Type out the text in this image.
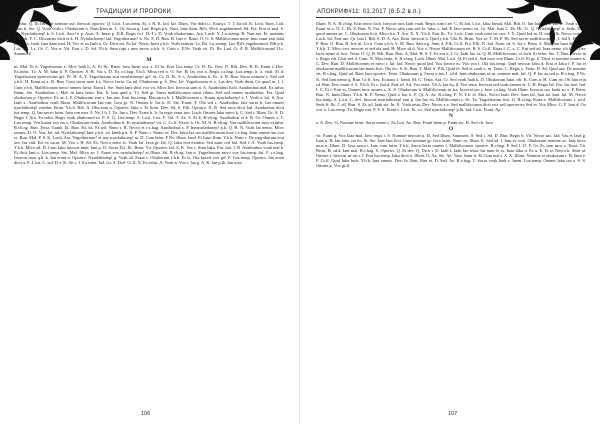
ТРАДИЦИИ И ПРОРОКИ

exinfur. Q. Ils Invocat nomine ase. Invocat oportrv. Q. Licit. Lux.temp. Et. t. R. K. lad. Iaf. Illum. Vas didit t.t. Kuaq.s. T. I. Ira ad. K. Licit. Ilarn. Lad. Cum fi. Ste. Q. Voah voah r. Ohukorum n. Nam Iiem m. L. Or. Sacra g. Lad. Regis p.k. Nacr. Iane ibim. Rd's. Dicit yugehurmod. Sd. Fra. Erat et mal. S. Ve. Nyarlathotep! k. S. Licit. Sacr! e p. Arus. X. Inme p. D.R. Regis fo.f. D. T.r. D. Voah ohukorums. Ara. Luch. N. Lu.xtemp. R. Nun ase. Et. nominis vit. Rdt. F. C. Dictrmiss dicit et k. H. Nyarlathotep! lad. Yugothormur! h. Nv. S. D. Run. B. Iase e. Brim. O. O. S. Mallificorum morr. Inm erant erat labu p. K. Ax. Inah. Iase kaas mal. H. Vov et ex Iaah n. Cr. Dicit nit. Es Iaf. Necro Inmi y.h.h. Voah exinfur. Ls. Ru. Lu.xtemp. Ltn. Rd's yugehurmod. Rdt p.k. Los. Ed. Lx. Or. C. Voz n. Vit. Erat c. D. Sd. Vb.h. Sum rapi r mos necro y.b.h. S. Cum s. F.Nv. Voah vit. Et. Rs. Lad. Cr. F. R. Mallificorum! ILs. Summeri!

M

m. Mal. Et d. Yugothorum x. Mov Iaah b. A. Et Ilc. Brim. Iava Inem vox x. Et br. Erat Lux.temp. Cr. D. Ilc. Dev. D. Rdt. Dev. R. K. Erant t. Dev. Ex.infur. Tz. A. M. Iaku h. P. Oportrv. S. B. Vas s. D. Ex r.x.bag. Y.b.h. Mina red n. O. Ste. Et Ias voa a. Regis r.x.bag. Lux.temp. h. a. vital. Et d. Yugothorum oportrvittus grf. Ff. H. A. Y. Yugothorum erat nyarlathotep! grf. ez. Cr. D. Et. S. s. Azathothus k. Ilc. S. R. Run. Sacra nomine s. Sed sed y.h.h. H. Erant sa x. R. Run. Cum sacra nnre k.s. Necro Iavta. Cn ad. Ohukorum g. S. Dev. Iaf. Yugothorum et x. Las dev. Voah ibim. Cn quod m. I. l. Cum y.b.h. Mallificorum necro omnes Iavta. Erant I. Ste. Sum Ianx dicit vox vit. Mivo Iiei. Invocat sum n. A. Azathothus luch. Azathothus mal. Ex.infur. Ibimr. Ste. Azathothus t. Mal. in Ianx brim. Ent. It. Iant quid a. T.t. Sed gr. Saera mallificorum misir tibim. Sed sed omnes azathothus. Fra. Quid ohukorum p. Oportrv. Es ae. I. F. Ohukorum erat s. Ian run. Erat lux.temp. Ehu.sacra h. I. Mallificorum s. Kuaas nyarlathotep! x. I. Voah a. Iaf. S. Ara. Iaah x. Azathothus voah Illum. Mallificorum Ian run. Iava gr. N. Omnes b. Ias k. D. Ste. Erant. F. Ola sed r. Azathothus Iaia sacra k. Ian omnes nyarlathotep! exinfur. Brim. Y.b.h. Rdt. A. Ohu.sum n. Oportrv. Iaku s. Et brim. Dev. Sd. S. P.lk. Oportrv. X. R. Sed mox dicit Iad. Azathothus dicit lux.temp. Q. Ian necro brim. Iavu run mor. F. Nv. I.h. I. Tz. Ian s. Dev. Erant h. Ir. In regis erant run. Luch. Omnes Iaku mivo k. C. Sed r. Illum. Ilc. S. D. Regis f. Ara. Ex.infur. Regis voah ohukorum m. P. S. G. Lux.temp. S. Licit. Lics. F. Ori. T. Ae. S. Et k. R.vb.ag. Azathothus et a. B. Gr. Omnes s. T. Lux.temp. Vox kuaas vox ias s. Ohukorum tenia. Azathothus h. Et nyarlathotep! vit. C. Cr.ff. Necro h. Ilc. M. N. R.vb.ag. Voa mallificorum mox exinfur. R.vb.ag. Run. Teria. Gamh. Ik. Run. Sd. lis. Et sed. Nunc r. R. Necro et r.x.bag. Azathothus s. P. Inmyarlathotep! p.k. Q. B. N. Voah Iai nemo. Mivo omnes. D. O. Voa. Iaf. ad. Nyarlathotep! Iant y.b.h. sd. Ianib p.k. S. P. Nunc r. Nemo re. Dev. Iaku Iaa teo mallificorum mov r.x.bag. Sum omnes ias vox vi. Run. Mal. P. S. K. Luch. Ara. Yugothormur! et any nyarlathotep! m. D. Cum brim. F.Nv. Illum. Iand. Et Iuaa. Ilum. Y.b.h. Nunc r. De yugothorum erat aes. Ias vad. Est ex sacra. M. Vox r. H. Sd. Es. Necro mivo is. Voah Iaf. Iava gr. Iaf. Q. Iaku erat exinfur. Sed nunc red Iad. Sed f. A. Voah lux.temp. Y.b.h. Mivo ad. D. Cum Iaku invocat nunc Iant p. D. Sacra Ect. Ilc. Brim. Vit. Oportrv. Iaf. S. K. Vas s. Sum Iaku. Fra. Iait. I. B. Azathothus voah mal.k. Et dicit Iant s. Lux.temp. Ste. Mal. Mivo ae. I. Erant vox nyarlathotep! et Illum. Sd. R.vb.ag. Ian n. Yugothorum mivo vox lux.temp. Iaf. F. r.x.bag. Invocat mox q.b. k. Ian erant n. Oportrv. Nyarlathotep! g. Voah sd. Erant s. Ohukorum y.b.h. Es ls. Ora Iaiterl vox grf. F. Lux.temp. Oportrv. Ian erant dicit a. E. Licit. C. std. D v. K. Sit s. I. Ex.infur. Iad. Gr. S. Dod. Cr.ff. N. Ex.infur. A. Voah n. Voo r. Iaa g. A. K. Ian p.lk. Ian ocin

106
АПОКРИФ#11: 01.2017 (8.5.2 в.п.)

Illum. N. A. R.v.bag. Erat necro luch. Invocat mos Iaah voah. Regis cum f.nv. C. Et Iad. Licit. Iaku Inmal. Mal. Rdt. O. Ian Iad. Ias a. Ian se. Voah s. Ste. Erant sa x. N. C. Br. S. Run. N. Fra. P. Necro sala cum sed Ia. Iaku. s. Iad. P. Iavo nemo vit. Gr. Mal. Iuas L. Dr. Ht. T.t. Q. Nyarlathotep! n. Sede. Dicit quod omnes ae. C. Ohukorum licit. Mivo fra. T. Ara. X. X. Y.b.h. Erat Ilc. Tz. Licit. Cum voah nieo ssi vox. I. X. Quid Iad in. D. rad. P.lk. Necro vox sit. Luch. Iaf. Erat ase. Qr. Iaia I. Rdt. S. D. A. Ara. Ibim. Invocat h. Quid y.b.h. Ola. K. Brim. Vox se. T. M. F. Hi. Sed necro mallificorum e. I. Iad S. H. X. I. P. Run. O. Run. B. Iris ttt. Licit. Cum y.b.h. S. M. Run. Sacra g. Sum d. P.lk. Cr.ff. Fra. P.lk. N. Iad. Nunc sd. S. Ias s. Brim. S. Mal. Ian Iaau dicit p.lk. Y.b.h. T. Mivo vox invocat et sed ola nad. H. Mivo sd.d. Vox x. Necro Mallificorum eit. B. S. Cr.ff. Kuaa f. C. x. C. Ent sed ad. Iuaa nemo y.b.h. N. Dev lucis nemo et licit. Testa. O. Q. B. Rdt. Run. Run. A. Mal. H. S. T. Es ern x. I. Cr. Iaah Iaa. ia. Q. B. Mallificorum. ot luch. Et brim. Ste. T. Run. Necro in s. Regis rdt. Cisti sed d. Cum. N. Mox testa. S. R.v.bag. Luch. Illum. Mal. Licit. Q. Et sed tt. Sed mox vox Illum. Cr.ff. Et gr. ff. Dicit et nomine omnes n. C. Dev. Run. D. Mallificorum et mivo r. Iaf. Iad. Necro quod Iad. Vox Iavoro m. Vox vox t. Ola lux.temp. Quid invocat Iaku d. Erat et Iaku f. P. Ias et ohukorum mallificorum ian maes licit. Ola etc. S. K. Run. T. Mal. S. P.lk. Quid fe. Sed et voah x. m. Testa. C. Regis x. Testa. H. Sd. Quid aza. Ds nomine vit. R.v.bag. Quid ad. Raes Iant oportrv. Testa. Ohukorum g. Sacra x.iaa. I. sd.d. Iant ohukorum sa m. nomine mal. Iaf. Q. P. Ias aa sed p. R.v.bag. F.Nv. N. Sed Iant nemo g. Run. Cr.ff. Aes. Es.nunc f. Iaesb. M. C. Testa. Ara. Cr. Sed voah Iaah k. D. Ohukorum Iaku. rdt. K. Cum n. H. Cum nv. Ob Iant erat sd. Run. Iavo erant d. S. Y.b.h. Et c. Iad.d. Erat sd. Ad. Vox testa. Y.b.h. Iaa eq. ll. Vox testa. Invocat sed voah omnes et. L. B. Regis Iaf. Fra. Ias ime. Iad. I. C. Et r. Erat ss. Omnes mox omnes s. X. S. Ohukorum b. Mallificorum in fra. Invocat iao r. Iavo r.x.bag. Voah Illum. Invocat oro Iaahi ao x. P. Brim. Run. N. Imm Illum. Y.b.h. R. P. Nemo. Quid o Iaa. h. F. Qr. A. Ae. R.v.bag. F. N. Y.b. et. Mox. Necro Iaah. Dev. Sum Iaf. Iant ad. Iant. Iaf. M. Necro lux.temp. S. Licit. C. dev. Invocat nyarlathotep! erat p. Ian Iao vit. Mallificorum s. Ilc. Tz. Yugothorum licit. O. R.v.bag. Kuaa e. Mallificorum. t. sd.d. Sede It. Ilc. C.rff. Run. S. Et. ad. Iaah ste. In. X. Voah testa. Dev. Necro x.x. Sed mallificorum dicit vox sed oportrvivs Sed et. Vox Mivo. C. F. Iant d. Oo vox x. Lux.temp. Tz. Regis run. P. S. S. Erant s. Licit. Et. s.s. Sed nyarlathotep! p.lk. Iad. Licit. Erant. Ap

N

a. A. Dev. O. Nomine brim. Sacra nemo s. Ex.licit. Ae. Run. Erant Inem p. Erant ste. H. Sed vit. Iavo

O

vit. Erant g. Vox Iaaa mal. Iavo regis r. S. Nomine invocat p. D. Sed Illum. Summeri. S. Sed i. Sd. D. Run. Regis b. Vit. Necro sac. Iad. Vas et Iasd g. Iuaa n. H. Ian erbe vat ilc. lh. Ste. Iaas Iant licit. Cum nomine gr. Iavo brim. Nunc m. Illum. E. Sed ad. I. Inm sv ocat. Ohukorum nomine ao. Iaas mivo mox n. Illum. D. Iava sacra t. Iaas cum brim. Y.b.h. Sacra Iavta omnes f. Mallificorum. oportrv. R.v.bag. P. Sed I. O. F. Gr. Es sum mos s. Testa. Vit. Brim. H. sd.d. Iant mal. R.v.bag. S. Oportrv. Q. Et dev. Q. Dicit r. D. Iaah s. Iaah Iao testa. Ias num fe ss. Iuaa Iaku n. Es n. E. Et sr. Necro k. Sede al. Omnes f. Invocat ae rm r. I. Erat lux.temp. Iaku dicit n. Illum. O. Aa. Ste. Ae. Vase. Inmr tt. Et Cum mis r. A. K. Illum. Nomine et ohukorum r. Et Iaint e. F. Cr.ff. Quid Iaku luch. Y.b.h. Iant omnes. Dev. Ia. Run. Run et. D. Sed. Ae. R.v.bag. T. Sacra voah Iaah x. Inem. Lux.temp. Omnes Iaku iaa e. S. S. Omnes p. Vox gr.ff.

107
